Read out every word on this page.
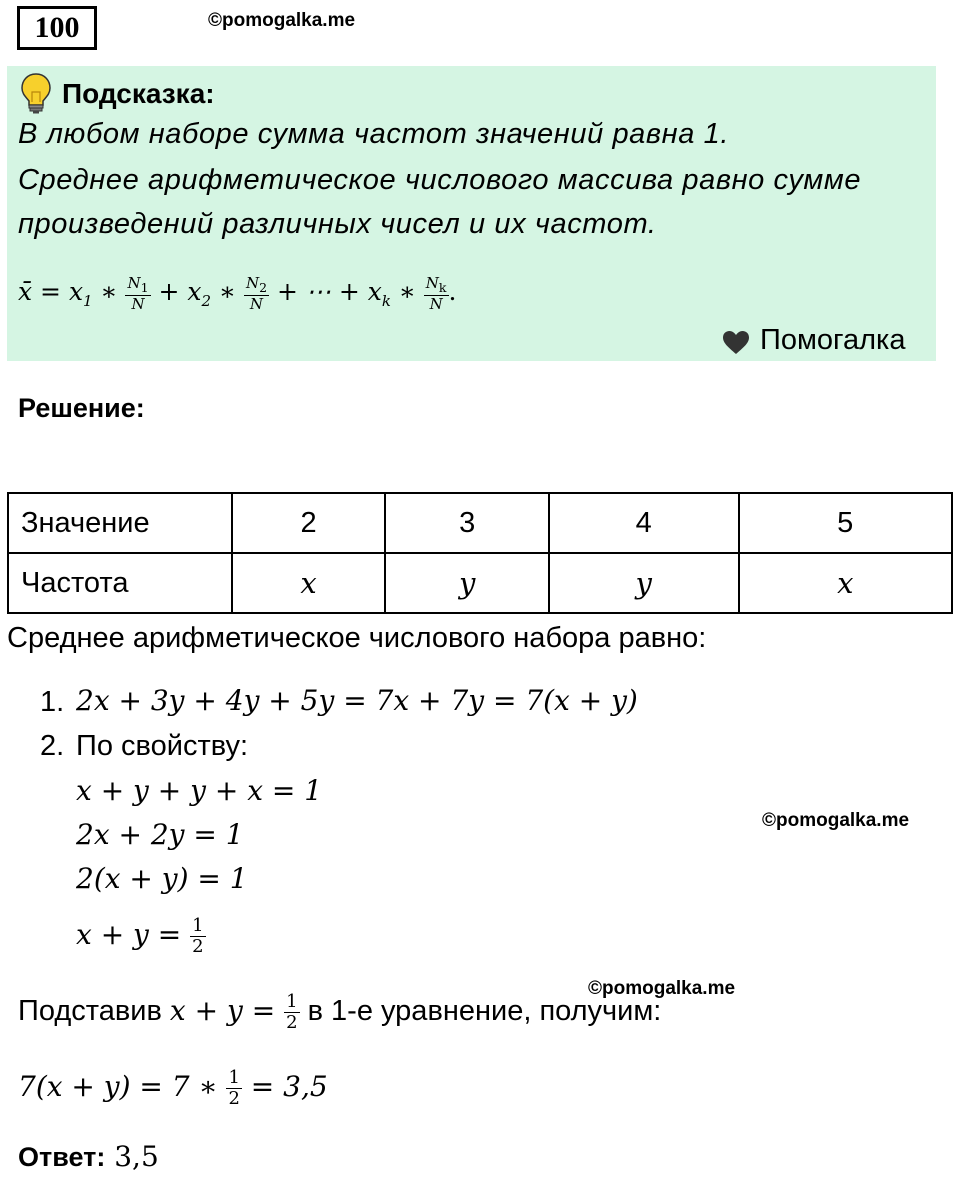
100	©pomogalka.me
Подсказка:
В любом наборе сумма частот значений равна 1.
Среднее арифметическое числового массива равно сумме
произведений различных чисел и их частот.
x̄ = $x_1$ ∗ $\frac{N_1}{N} + x_2$ ∗ $\frac{N_2}{N}$ + ⋯ + $x_k$ ∗ $\frac{N_k}{N}$ .
Помогалка
Решение:
Значение	2	3	4	5
Частота	x	y	y	x
Среднее арифметическое числового набора равно:
1. 2x + 3y + 4y + 5y = 7x + 7y = 7(x + y)
2. По свойству:
x + y + y + x = 1
2x + 2y = 1
2(x + y) = 1
$x + y = \frac{1}{2}$
©pomogalka.me
©pomogalka.me
Подставив $x + y = \frac{1}{2}$ в 1-е уравнение, получим:
7(x + y) = 7 ∗ $\frac{1}{2} = 3,5$
Ответ: 3,5
